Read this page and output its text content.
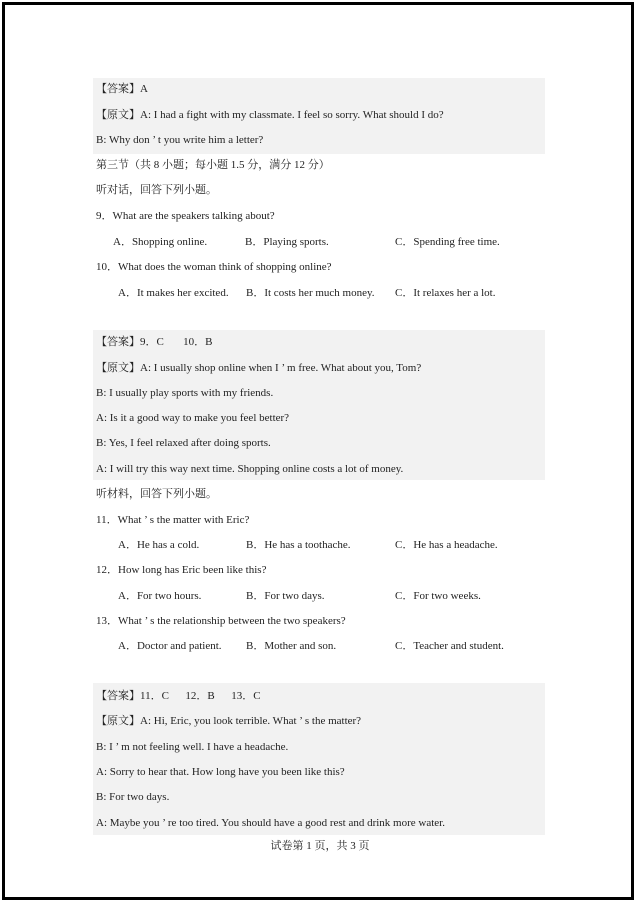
【答案】A
【原文】A: I had a fight with my classmate. I feel so sorry. What should I do?
B: Why don ’ t you write him a letter?
第三节（共 8 小题；每小题 1.5 分，满分 12 分）
听对话，回答下列小题。
9．What are the speakers talking about?
A．Shopping online.	B．Playing sports.	C．Spending free time.
10．What does the woman think of shopping online?
A．It makes her excited. B．It costs her much money. C．It relaxes her a lot.
【答案】9．C       10．B
【原文】A: I usually shop online when I ’ m free. What about you, Tom?
B: I usually play sports with my friends.
A: Is it a good way to make you feel better?
B: Yes, I feel relaxed after doing sports.
A: I will try this way next time. Shopping online costs a lot of money.
听材料，回答下列小题。
11．What ’ s the matter with Eric?
A．He has a cold.	B．He has a toothache.	C．He has a headache.
12．How long has Eric been like this?
A．For two hours.	B．For two days.	C．For two weeks.
13．What ’ s the relationship between the two speakers?
A．Doctor and patient. B．Mother and son.	C．Teacher and student.
【答案】11．C      12．B      13．C
【原文】A: Hi, Eric, you look terrible. What ’ s the matter?
B: I ’ m not feeling well. I have a headache.
A: Sorry to hear that. How long have you been like this?
B: For two days.
A: Maybe you ’ re too tired. You should have a good rest and drink more water.
试卷第 1 页，共 3 页
